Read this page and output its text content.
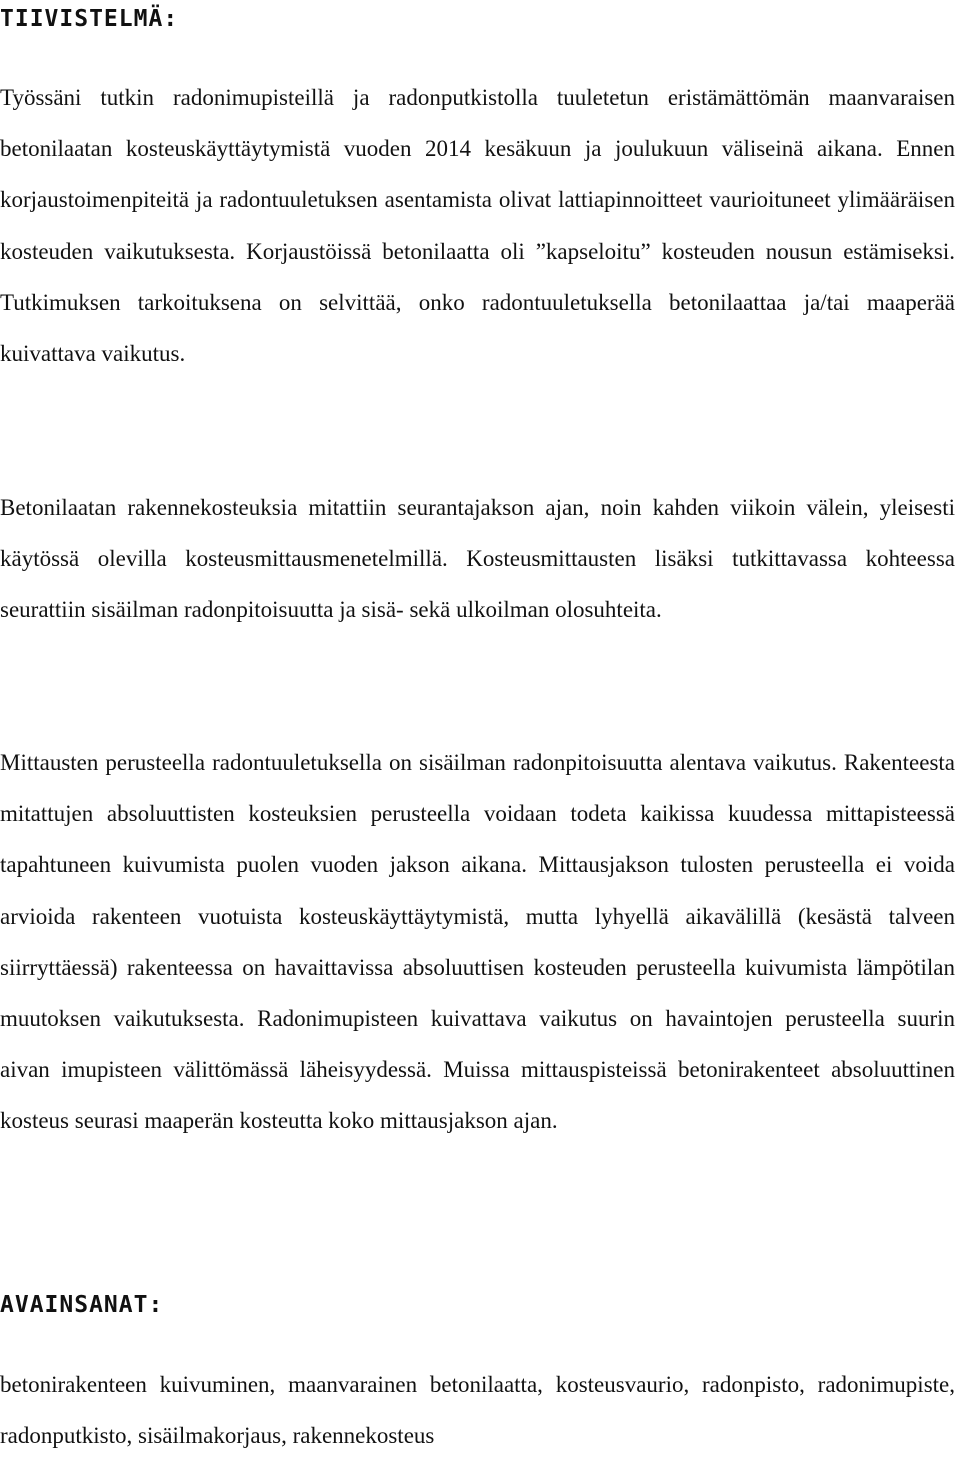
TIIVISTELMÄ:

Työssäni tutkin radonimupisteillä ja radonputkistolla tuuletetun eristämättömän maanvaraisen betonilaatan kosteuskäyttäytymistä vuoden 2014 kesäkuun ja joulukuun väliseinä aikana. Ennen korjaustoimenpiteitä ja radontuuletuksen asentamista olivat lattiapinnoitteet vaurioituneet ylimääräisen kosteuden vaikutuksesta. Korjaustöissä betonilaatta oli ”kapseloitu” kosteuden nousun estämiseksi. Tutkimuksen tarkoituksena on selvittää, onko radontuuletuksella betonilaattaa ja/tai maaperää kuivattava vaikutus.

Betonilaatan rakennekosteuksia mitattiin seurantajakson ajan, noin kahden viikoin välein, yleisesti käytössä olevilla kosteusmittausmenetelmillä. Kosteusmittausten lisäksi tutkittavassa kohteessa seurattiin sisäilman radonpitoisuutta ja sisä- sekä ulkoilman olosuhteita.

Mittausten perusteella radontuuletuksella on sisäilman radonpitoisuutta alentava vaikutus. Rakenteesta mitattujen absoluuttisten kosteuksien perusteella voidaan todeta kaikissa kuudessa mittapisteessä tapahtuneen kuivumista puolen vuoden jakson aikana. Mittausjakson tulosten perusteella ei voida arvioida rakenteen vuotuista kosteuskäyttäytymistä, mutta lyhyellä aikavälillä (kesästä talveen siirryttäessä) rakenteessa on havaittavissa absoluuttisen kosteuden perusteella kuivumista lämpötilan muutoksen vaikutuksesta. Radonimupisteen kuivattava vaikutus on havaintojen perusteella suurin aivan imupisteen välittömässä läheisyydessä. Muissa mittauspisteissä betonirakenteet absoluuttinen kosteus seurasi maaperän kosteutta koko mittausjakson ajan.

AVAINSANAT:

betonirakenteen kuivuminen, maanvarainen betonilaatta, kosteusvaurio, radonpisto, radonimupiste, radonputkisto, sisäilmakorjaus, rakennekosteus
